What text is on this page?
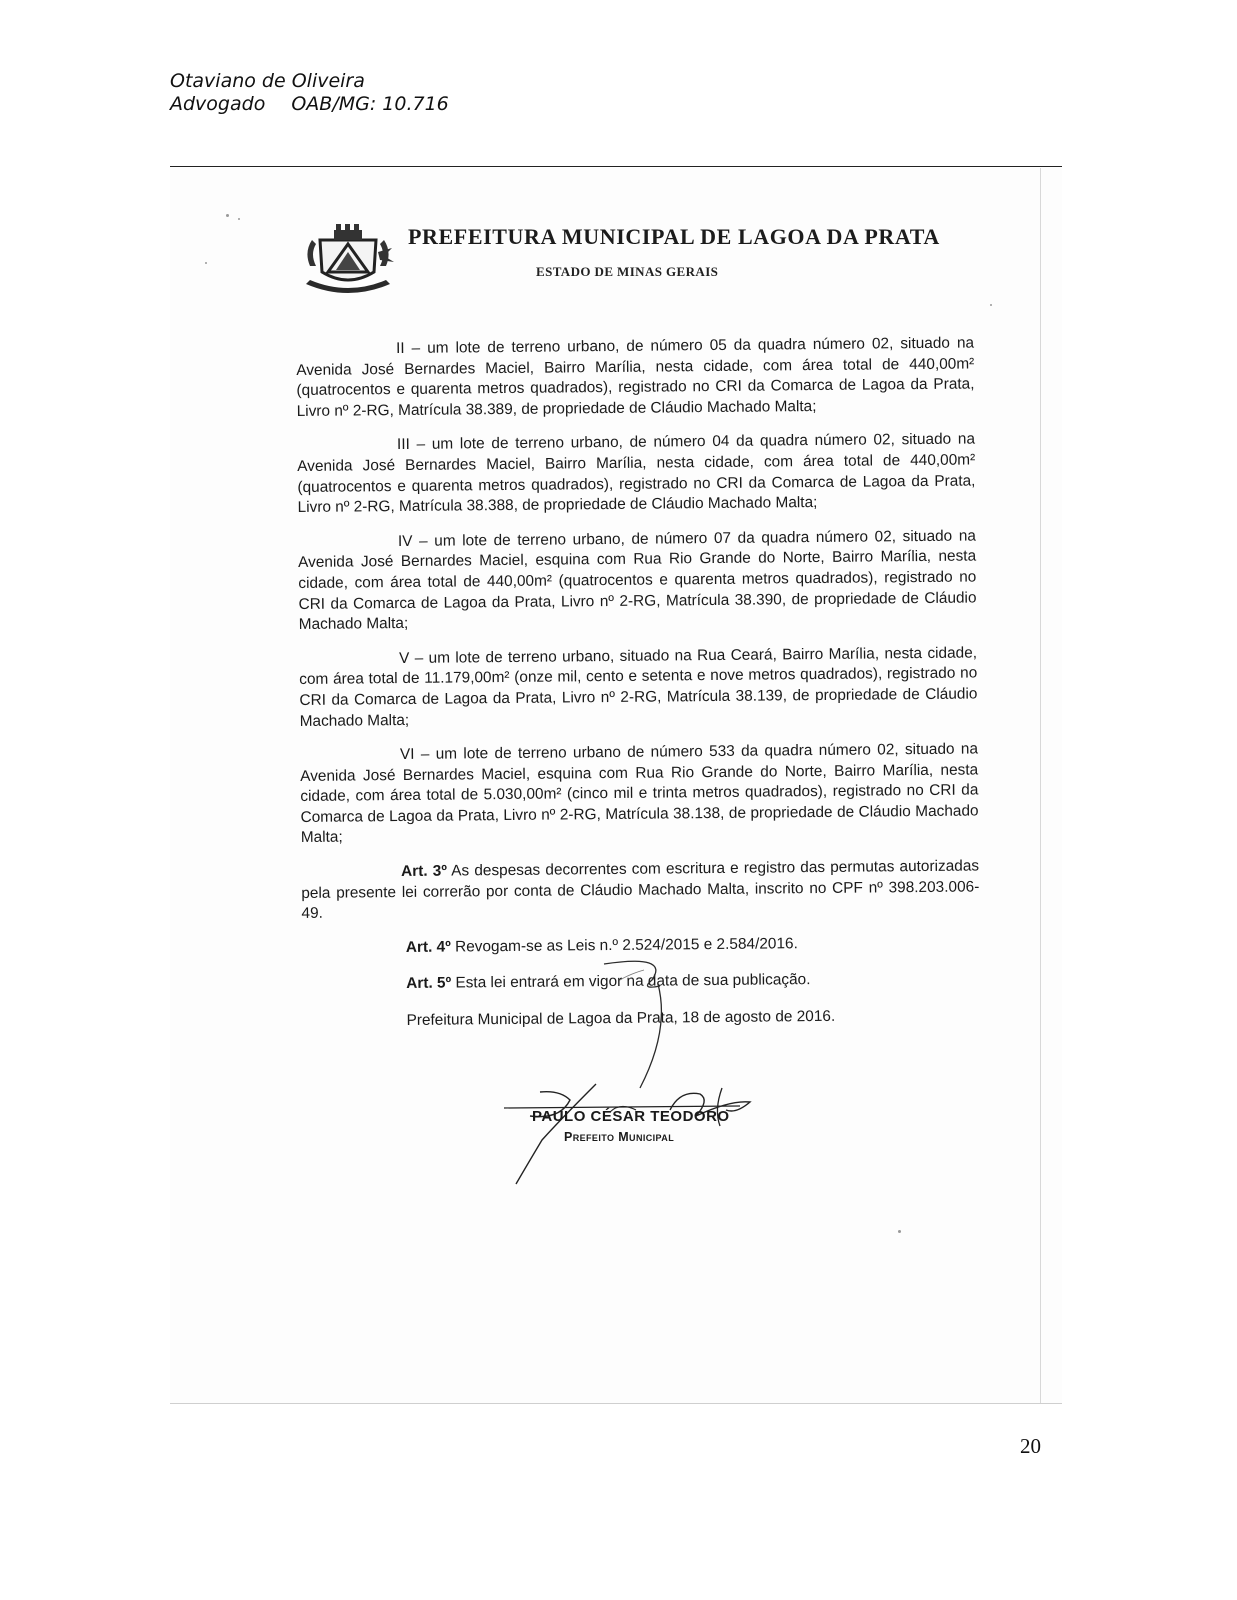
Otaviano de Oliveira
Advogado OAB/MG: 10.716
PREFEITURA MUNICIPAL DE LAGOA DA PRATA
ESTADO DE MINAS GERAIS

II – um lote de terreno urbano, de número 05 da quadra número 02, situado na Avenida José Bernardes Maciel, Bairro Marília, nesta cidade, com área total de 440,00m² (quatrocentos e quarenta metros quadrados), registrado no CRI da Comarca de Lagoa da Prata, Livro nº 2-RG, Matrícula 38.389, de propriedade de Cláudio Machado Malta;

III – um lote de terreno urbano, de número 04 da quadra número 02, situado na Avenida José Bernardes Maciel, Bairro Marília, nesta cidade, com área total de 440,00m² (quatrocentos e quarenta metros quadrados), registrado no CRI da Comarca de Lagoa da Prata, Livro nº 2-RG, Matrícula 38.388, de propriedade de Cláudio Machado Malta;

IV – um lote de terreno urbano, de número 07 da quadra número 02, situado na Avenida José Bernardes Maciel, esquina com Rua Rio Grande do Norte, Bairro Marília, nesta cidade, com área total de 440,00m² (quatrocentos e quarenta metros quadrados), registrado no CRI da Comarca de Lagoa da Prata, Livro nº 2-RG, Matrícula 38.390, de propriedade de Cláudio Machado Malta;

V – um lote de terreno urbano, situado na Rua Ceará, Bairro Marília, nesta cidade, com área total de 11.179,00m² (onze mil, cento e setenta e nove metros quadrados), registrado no CRI da Comarca de Lagoa da Prata, Livro nº 2-RG, Matrícula 38.139, de propriedade de Cláudio Machado Malta;

VI – um lote de terreno urbano de número 533 da quadra número 02, situado na Avenida José Bernardes Maciel, esquina com Rua Rio Grande do Norte, Bairro Marília, nesta cidade, com área total de 5.030,00m² (cinco mil e trinta metros quadrados), registrado no CRI da Comarca de Lagoa da Prata, Livro nº 2-RG, Matrícula 38.138, de propriedade de Cláudio Machado Malta;

Art. 3º As despesas decorrentes com escritura e registro das permutas autorizadas pela presente lei correrão por conta de Cláudio Machado Malta, inscrito no CPF nº 398.203.006-49.

Art. 4º Revogam-se as Leis n.º 2.524/2015 e 2.584/2016.

Art. 5º Esta lei entrará em vigor na data de sua publicação.

Prefeitura Municipal de Lagoa da Prata, 18 de agosto de 2016.

PAULO CÉSAR TEODORO
Prefeito Municipal
20
